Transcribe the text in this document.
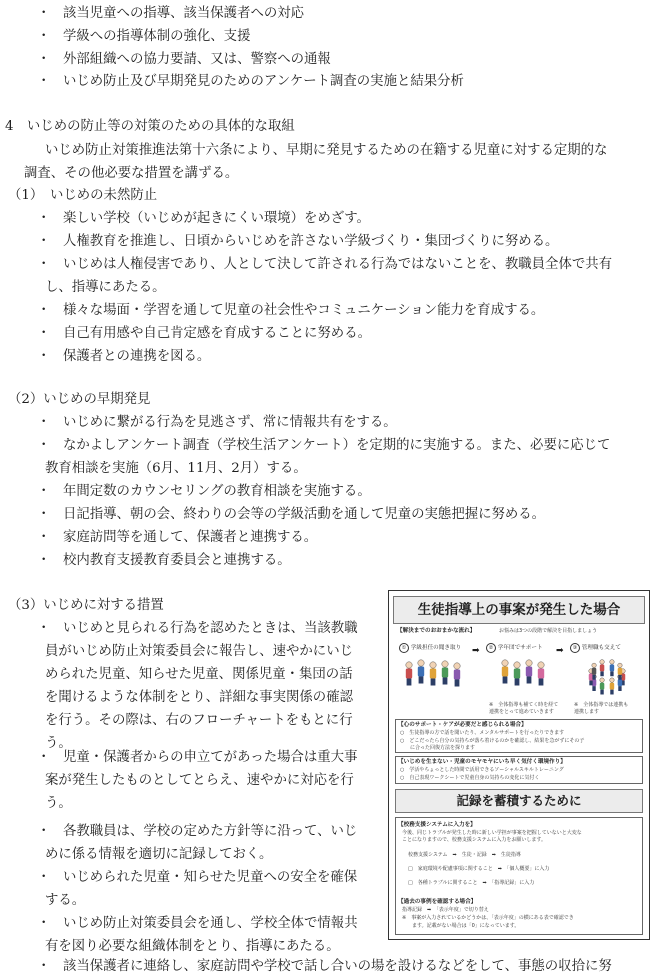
・ 該当児童への指導、該当保護者への対応
・ 学級への指導体制の強化、支援
・ 外部組織への協力要請、又は、警察への通報
・ いじめ防止及び早期発見のためのアンケート調査の実施と結果分析
4　いじめの防止等の対策のための具体的な取組
いじめ防止対策推進法第十六条により、早期に発見するための在籍する児童に対する定期的な
調査、その他必要な措置を講ずる。
（1）　いじめの未然防止
・ 楽しい学校（いじめが起きにくい環境）をめざす。
・ 人権教育を推進し、日頃からいじめを許さない学級づくり・集団づくりに努める。
・ いじめは人権侵害であり、人として決して許される行為ではないことを、教職員全体で共有
し、指導にあたる。
・ 様々な場面・学習を通して児童の社会性やコミュニケーション能力を育成する。
・ 自己有用感や自己肯定感を育成することに努める。
・ 保護者との連携を図る。
（2）いじめの早期発見
・ いじめに繋がる行為を見逃さず、常に情報共有をする。
・ なかよしアンケート調査（学校生活アンケート）を定期的に実施する。また、必要に応じて
教育相談を実施（6月、11月、2月）する。
・ 年間定数のカウンセリングの教育相談を実施する。
・ 日記指導、朝の会、終わりの会等の学級活動を通して児童の実態把握に努める。
・ 家庭訪問等を通して、保護者と連携する。
・ 校内教育支援教育委員会と連携する。
（3）いじめに対する措置
・ いじめと見られる行為を認めたときは、当該教職
員がいじめ防止対策委員会に報告し、速やかにいじ
められた児童、知らせた児童、関係児童・集団の話
を聞けるような体制をとり、詳細な事実関係の確認
を行う。その際は、右のフローチャートをもとに行
う。
・ 児童・保護者からの申立てがあった場合は重大事
案が発生したものとしてとらえ、速やかに対応を行
う。
・ 各教職員は、学校の定めた方針等に沿って、いじ
めに係る情報を適切に記録しておく。
・ いじめられた児童・知らせた児童への安全を確保
する。
・ いじめ防止対策委員会を通し、学校全体で情報共
有を図り必要な組織体制をとり、指導にあたる。
・ 該当保護者に連絡し、家庭訪問や学校で話し合いの場を設けるなどをして、事態の収拾に努
生徒指導上の事案が発生した場合
【解決までのおおまかな流れ】	お悩みは3つの段階で解決を目指しましょう
① 学級担任の聞き取り ➡	② 学年団でサポート ➡	③ 管理職も交えて
※　全体指導も補てく時を経て
連携をとって進めていきます
※　全体指導では連携も
連携します
【心のサポート・ケアが必要だと感じられる場合】
○　生徒指導の方で話を聞いたり、メンタルサポートを行ったりできます
○　どこだったら自分の気持ちが落ち着けるのかを確認し、結果を急がずにその子
　　に合った回復方法を探ります
【いじめを生まない・児童のモヤモヤにいち早く気付く環境作り】
○　学活やちょっとした時間で活用できるソーシャルスキルトレーニング
○　自己表現ワークシートで児童自身の気持ちの変化に気付く
記録を蓄積するために
【校務支援システムに入力を】
今後、同じトラブルが発生した時に新しい学担が事案を把握していないと大変な
ことになりますので、校務支援システムに入力をお願いします。
校務支援システム　➡　生徒・記録　➡　生徒指導
□　家庭環境や配慮事項に関すること　➡　「個人概要」に入力
□　各種トラブルに関すること　➡　「指導記録」に入力
【過去の事例を確認する場合】
指導記録　➡　「表示年度」で切り替え
※　事案が入力されているかどうかは、「表示年度」の横にある表で確認でき
　　ます。記載がない場合は「0」になっています。
